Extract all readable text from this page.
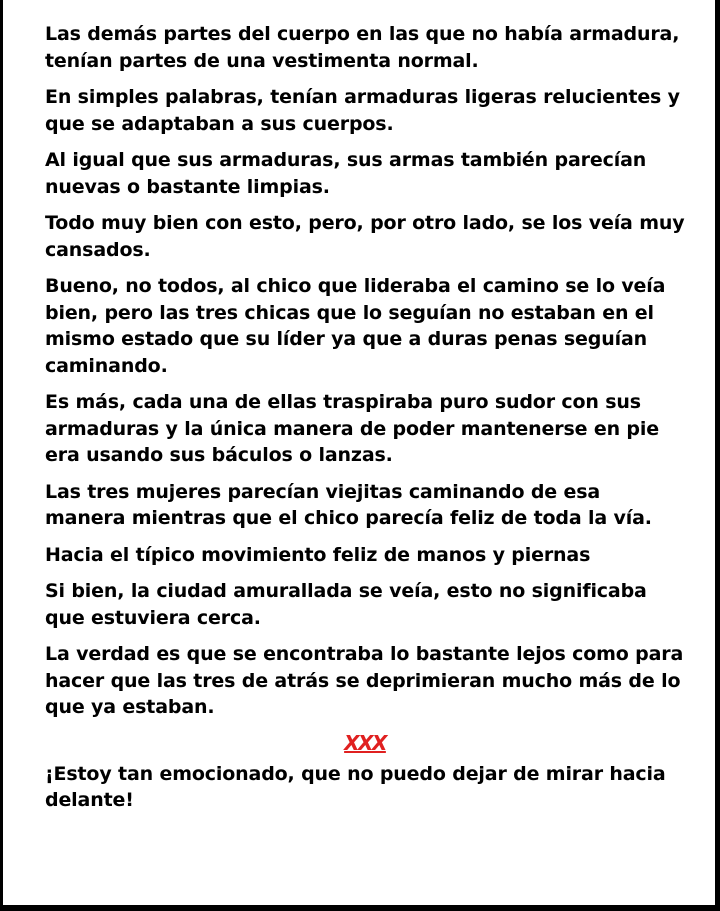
Las demás partes del cuerpo en las que no había armadura, tenían partes de una vestimenta normal.

En simples palabras, tenían armaduras ligeras relucientes y que se adaptaban a sus cuerpos.

Al igual que sus armaduras, sus armas también parecían nuevas o bastante limpias.

Todo muy bien con esto, pero, por otro lado, se los veía muy cansados.

Bueno, no todos, al chico que lideraba el camino se lo veía bien, pero las tres chicas que lo seguían no estaban en el mismo estado que su líder ya que a duras penas seguían caminando.

Es más, cada una de ellas traspiraba puro sudor con sus armaduras y la única manera de poder mantenerse en pie era usando sus báculos o lanzas.

Las tres mujeres parecían viejitas caminando de esa manera mientras que el chico parecía feliz de toda la vía.

Hacia el típico movimiento feliz de manos y piernas

Si bien, la ciudad amurallada se veía, esto no significaba que estuviera cerca.

La verdad es que se encontraba lo bastante lejos como para hacer que las tres de atrás se deprimieran mucho más de lo que ya estaban.

XXX

¡Estoy tan emocionado, que no puedo dejar de mirar hacia delante!
